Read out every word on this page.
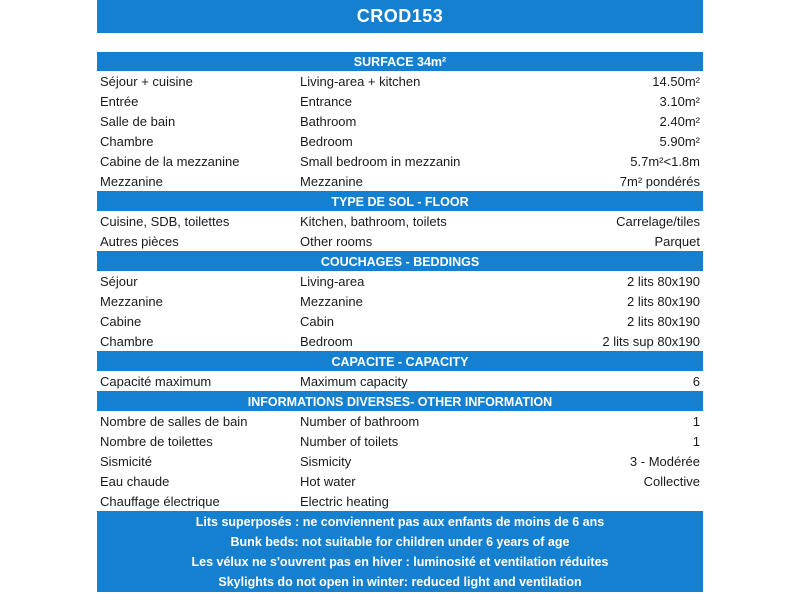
CROD153
SURFACE 34m²
Séjour + cuisine	Living-area + kitchen	14.50m²
Entrée	Entrance	3.10m²
Salle de bain	Bathroom	2.40m²
Chambre	Bedroom	5.90m²
Cabine de la mezzanine	Small bedroom in mezzanin	5.7m²<1.8m
Mezzanine	Mezzanine	7m² pondérés
TYPE DE SOL - FLOOR
Cuisine, SDB, toilettes	Kitchen, bathroom, toilets	Carrelage/tiles
Autres pièces	Other rooms	Parquet
COUCHAGES - BEDDINGS
Séjour	Living-area	2 lits 80x190
Mezzanine	Mezzanine	2 lits 80x190
Cabine	Cabin	2 lits 80x190
Chambre	Bedroom	2 lits sup 80x190
CAPACITE - CAPACITY
Capacité maximum	Maximum capacity	6
INFORMATIONS DIVERSES- OTHER INFORMATION
Nombre de salles de bain	Number of bathroom	1
Nombre de toilettes	Number of toilets	1
Sismicité	Sismicity	3 - Modérée
Eau chaude	Hot water	Collective
Chauffage électrique	Electric heating
Lits superposés : ne conviennent pas aux enfants de moins de 6 ans
Bunk beds: not suitable for children under 6 years of age
Les vélux ne s'ouvrent pas en hiver : luminosité et ventilation réduites
Skylights do not open in winter: reduced light and ventilation
